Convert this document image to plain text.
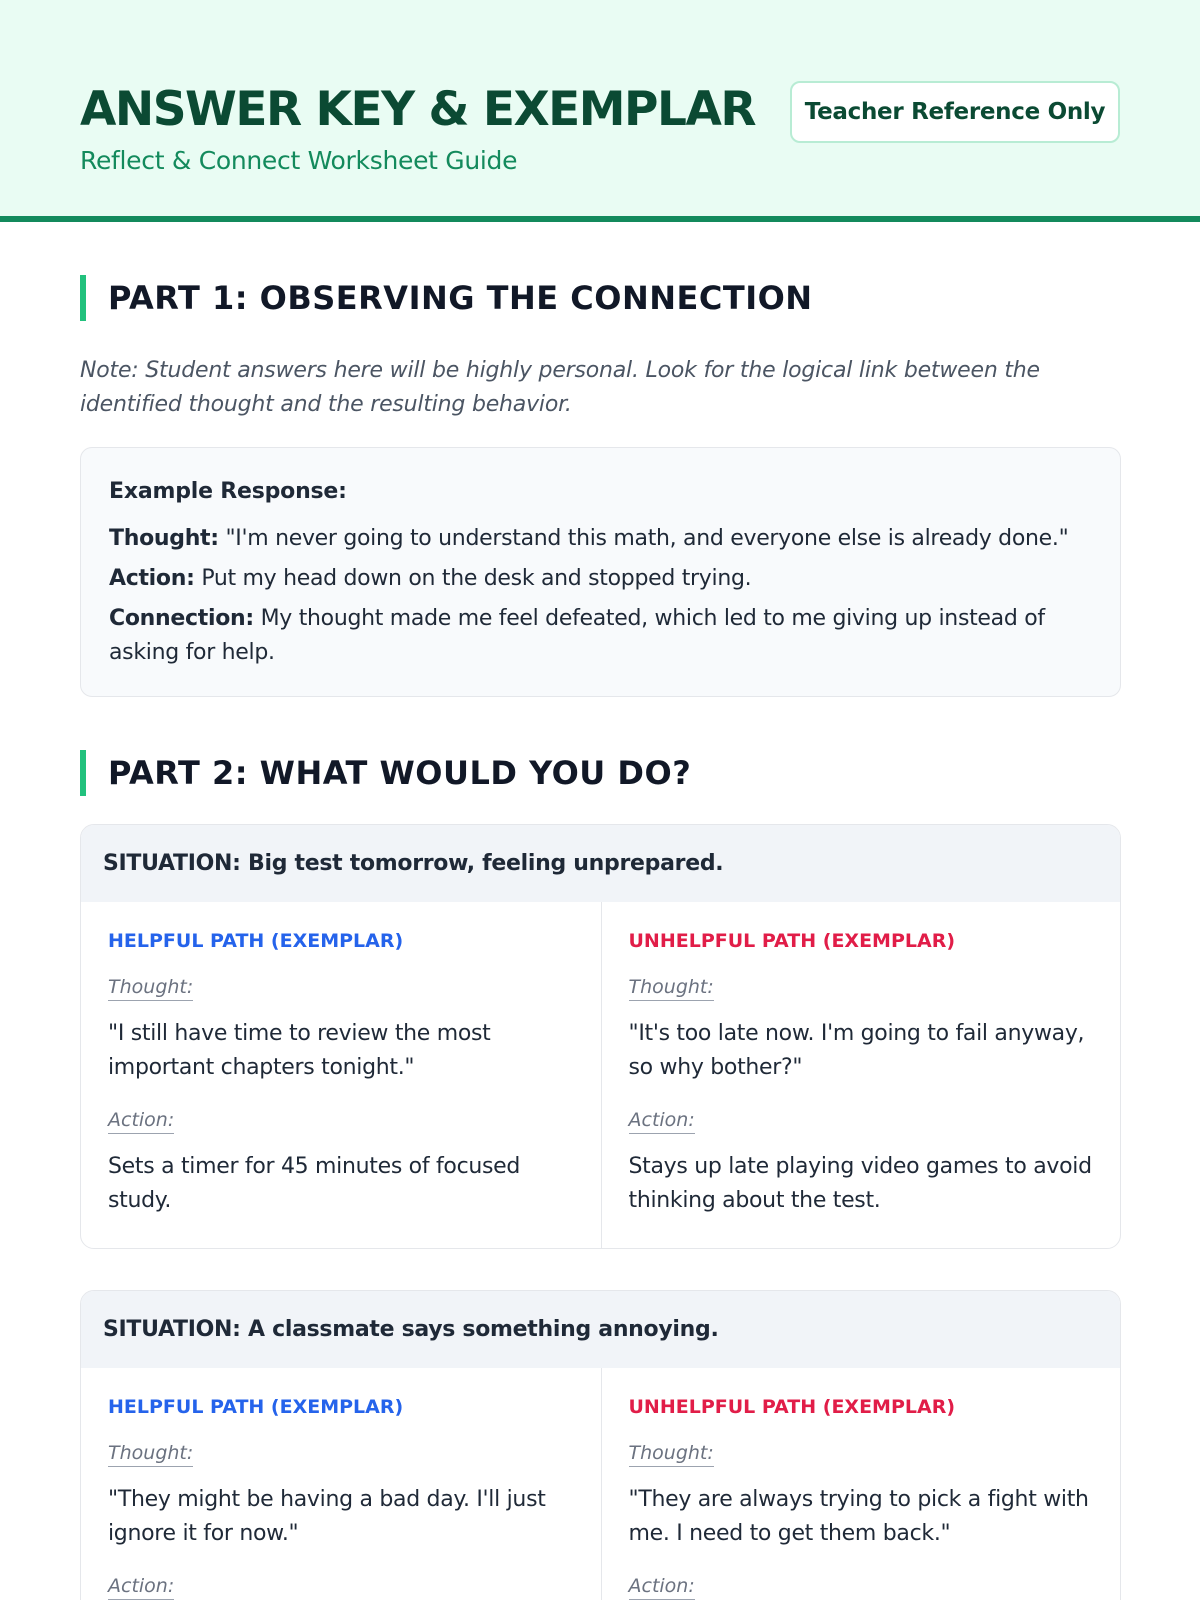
ANSWER KEY & EXEMPLAR
Reflect & Connect Worksheet Guide
Teacher Reference Only
PART 1: OBSERVING THE CONNECTION
Note: Student answers here will be highly personal. Look for the logical link between the identified thought and the resulting behavior.
Example Response:
Thought: "I'm never going to understand this math, and everyone else is already done."
Action: Put my head down on the desk and stopped trying.
Connection: My thought made me feel defeated, which led to me giving up instead of asking for help.
PART 2: WHAT WOULD YOU DO?
SITUATION: Big test tomorrow, feeling unprepared.
HELPFUL PATH (EXEMPLAR)
Thought:
"I still have time to review the most important chapters tonight."
Action:
Sets a timer for 45 minutes of focused study.
UNHELPFUL PATH (EXEMPLAR)
Thought:
"It's too late now. I'm going to fail anyway, so why bother?"
Action:
Stays up late playing video games to avoid thinking about the test.
SITUATION: A classmate says something annoying.
HELPFUL PATH (EXEMPLAR)
Thought:
"They might be having a bad day. I'll just ignore it for now."
Action:
UNHELPFUL PATH (EXEMPLAR)
Thought:
"They are always trying to pick a fight with me. I need to get them back."
Action:
